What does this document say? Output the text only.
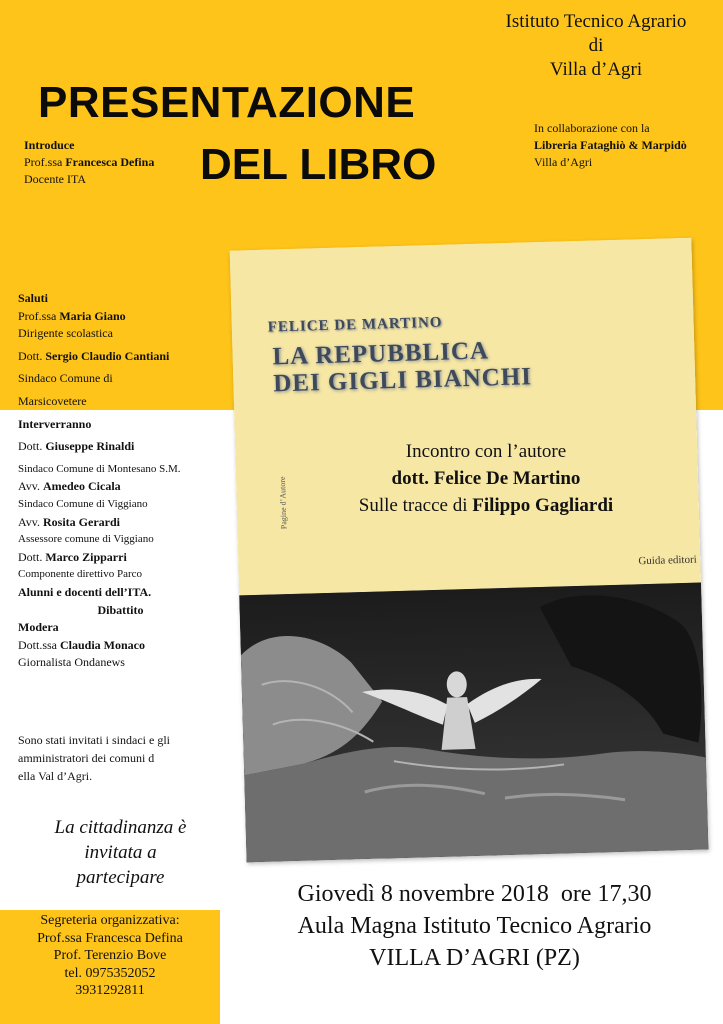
PRESENTAZIONE
DEL LIBRO
Istituto Tecnico Agrario
di
Villa d’Agri
In collaborazione con la
Libreria Fataghiò & Marpidò
Villa d’Agri
Introduce
Prof.ssa Francesca Defina
Docente ITA
Saluti
Prof.ssa Maria Giano
Dirigente scolastica
Dott. Sergio Claudio Cantiani
Sindaco Comune di
Marsicovetere
Interverranno
Dott. Giuseppe Rinaldi
Sindaco Comune di Montesano S.M.
Avv. Amedeo Cicala
Sindaco Comune di Viggiano
Avv. Rosita Gerardi
Assessore comune di Viggiano
Dott. Marco Zipparri
Componente direttivo Parco
Alunni e docenti dell’ITA.
Dibattito
Modera
Dott.ssa Claudia Monaco
Giornalista Ondanews
Sono stati invitati i sindaci e gli
amministratori dei comuni d
ella Val d’Agri.
La cittadinanza è
invitata a
partecipare
Segreteria organizzativa:
Prof.ssa Francesca Defina
Prof. Terenzio Bove
tel. 0975352052
3931292811
FELICE DE MARTINO
LA REPUBBLICA
DEI GIGLI BIANCHI
Pagine d’Autore
Guida editori
Incontro con l’autore
dott. Felice De Martino
Sulle tracce di Filippo Gagliardi
Giovedì 8 novembre 2018  ore 17,30
Aula Magna Istituto Tecnico Agrario
VILLA D’AGRI (PZ)
